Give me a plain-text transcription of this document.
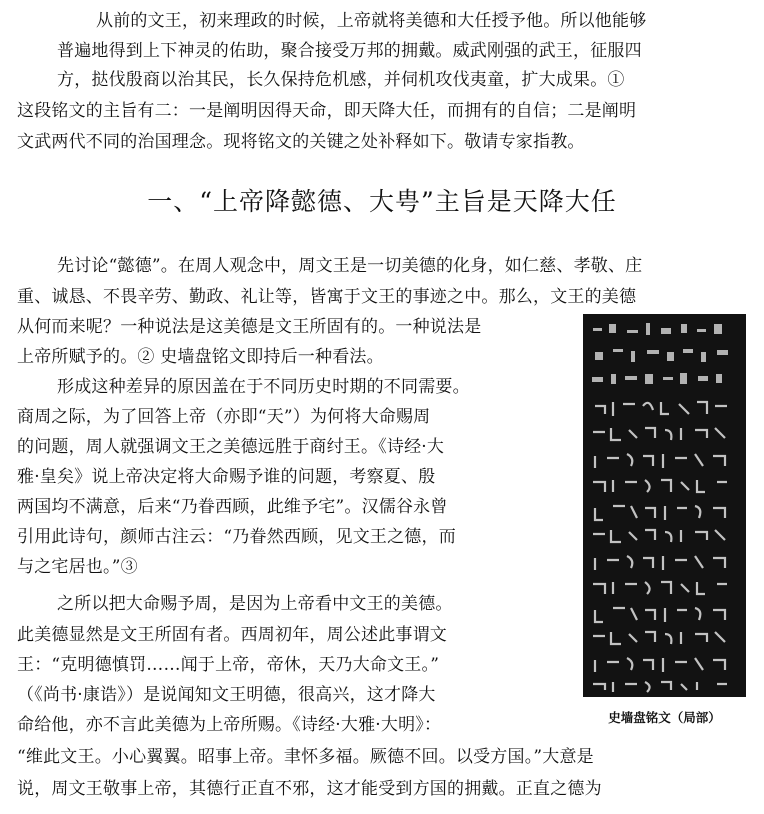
从前的文王，初来理政的时候，上帝就将美德和大任授予他。所以他能够
普遍地得到上下神灵的佑助，聚合接受万邦的拥戴。威武刚强的武王，征服四
方，挞伐殷商以治其民，长久保持危机感，并伺机攻伐夷童，扩大成果。①
这段铭文的主旨有二：一是阐明因得天命，即天降大任，而拥有的自信；二是阐明
文武两代不同的治国理念。现将铭文的关键之处补释如下。敬请专家指教。
一、“上帝降懿德、大甹”主旨是天降大任
先讨论“懿德”。在周人观念中，周文王是一切美德的化身，如仁慈、孝敬、庄
重、诚恳、不畏辛劳、勤政、礼让等，皆寓于文王的事迹之中。那么，文王的美德
从何而来呢？一种说法是这美德是文王所固有的。一种说法是
上帝所赋予的。② 史墙盘铭文即持后一种看法。
形成这种差异的原因盖在于不同历史时期的不同需要。
商周之际，为了回答上帝（亦即“天”）为何将大命赐周
的问题，周人就强调文王之美德远胜于商纣王。《诗经·大
雅·皇矣》说上帝决定将大命赐予谁的问题，考察夏、殷
两国均不满意，后来“乃眷西顾，此维予宅”。汉儒谷永曾
引用此诗句，颜师古注云：“乃眷然西顾，见文王之德，而
与之宅居也。”③
之所以把大命赐予周，是因为上帝看中文王的美德。
此美德显然是文王所固有者。西周初年，周公述此事谓文
王：“克明德慎罚……闻于上帝，帝休，天乃大命文王。”
（《尚书·康诰》）是说闻知文王明德，很高兴，这才降大
命给他，亦不言此美德为上帝所赐。《诗经·大雅·大明》：
“维此文王。小心翼翼。昭事上帝。聿怀多福。厥德不回。以受方国。”大意是
说，周文王敬事上帝，其德行正直不邪，这才能受到方国的拥戴。正直之德为
史墙盘铭文（局部）
